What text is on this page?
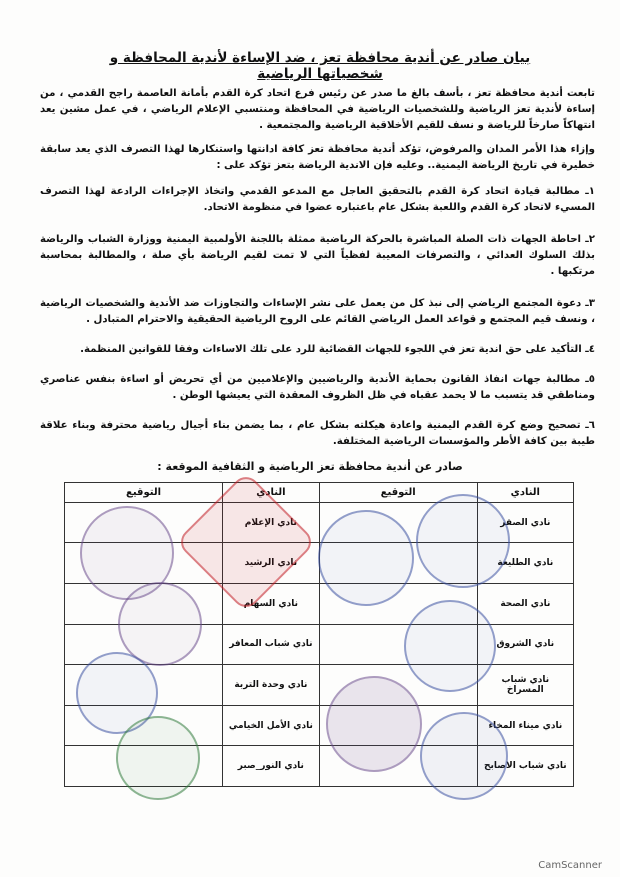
بيان صادر عن أندية محافظة تعز ، ضد الإساءة لأندية المحافظة و شخصياتها الرياضية
تابعت أندية محافظة تعز ، بأسف بالغ ما صدر عن رئيس فرع اتحاد كرة القدم بأمانة العاصمة راجح القدمي ، من إساءة لأندية تعز الرياضية وللشخصيات الرياضية في المحافظة ومنتسبي الإعلام الرياضي ، في عمل مشين يعد انتهاكاً صارخاً للرياضة و نسف للقيم الأخلاقية الرياضية والمجتمعية .
وإزاء هذا الأمر المدان والمرفوض، تؤكد أندية محافظة تعز كافة ادانتها واستنكارها لهذا التصرف الذي يعد سابقة خطيرة في تاريخ الرياضة اليمنية.. وعليه فإن الاندية الرياضة بتعز تؤكد على :
١ـ مطالبة قيادة اتحاد كرة القدم بالتحقيق العاجل مع المدعو القدمي واتخاذ الإجراءات الرادعة لهذا التصرف المسيء لاتحاد كرة القدم واللعبة بشكل عام باعتباره عضوا في منظومة الاتحاد.
٢ـ احاطة الجهات ذات الصلة المباشرة بالحركة الرياضية ممثلة باللجنة الأولمبية اليمنية ووزارة الشباب والرياضة بذلك السلوك العدائي ، والتصرفات المعيبة لفظياً التي لا تمت لقيم الرياضة بأي صلة ، والمطالبة بمحاسبة مرتكبها .
٣ـ دعوة المجتمع الرياضي إلى نبذ كل من يعمل على نشر الإساءات والتجاوزات ضد الأندية والشخصيات الرياضية ، ونسف قيم المجتمع و قواعد العمل الرياضي القائم على الروح الرياضية الحقيقية والاحترام المتبادل .
٤ـ التأكيد على حق اندية تعز في اللجوء للجهات القضائية للرد على تلك الاساءات وفقا للقوانين المنظمة.
٥ـ مطالبة جهات انفاذ القانون بحماية الأندية والرياضيين والإعلاميين من أي تحريض أو اساءة بنفس عناصري ومناطقي قد يتسبب ما لا يحمد عقباه في ظل الظروف المعقدة التي يعيشها الوطن .
٦ـ تصحيح وضع كرة القدم اليمنية واعادة هيكلته بشكل عام ، بما يضمن بناء أجيال رياضية محترفة وبناء علاقة طيبة بين كافة الأطر والمؤسسات الرياضية المختلفة.
صادر عن أندية محافظة تعز الرياضية و الثقافية الموقعة :
النادي	التوقيع	النادي	التوقيع
نادي الصقر		نادي الإعلام	
نادي الطليعة		نادي الرشيد	
نادي الصحة		نادي السهام	
نادي الشروق		نادي شباب المعافر	
نادي شباب المسراخ		نادي وحدة التربة	
نادي ميناء المخاء		نادي الأمل الخيامي	
نادي شباب الاصابح		نادي النور_صبر	
CamScanner
